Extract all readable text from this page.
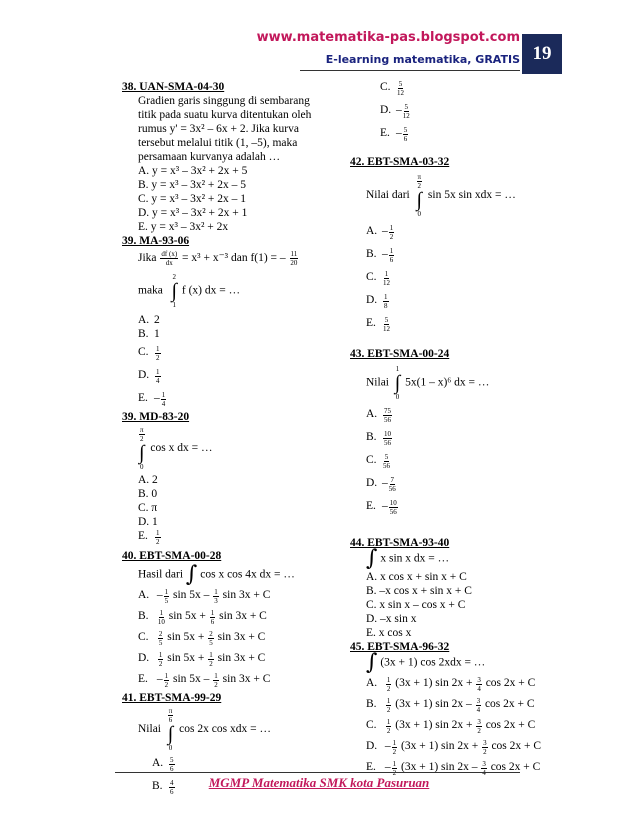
www.matematika-pas.blogspot.com
E-learning matematika, GRATIS 19
38. UAN-SMA-04-30
Gradien garis singgung di sembarang
titik pada suatu kurva ditentukan oleh
rumus y' = 3x² – 6x + 2. Jika kurva
tersebut melalui titik (1, –5), maka
persamaan kurvanya adalah …
A. y = x³ – 3x² + 2x + 5
B. y = x³ – 3x² + 2x – 5
C. y = x³ – 3x² + 2x – 1
D. y = x³ – 3x² + 2x + 1
E. y = x³ – 3x² + 2x
39. MA-93-06
Jika $\frac{df (x)}{dx} = x^3 + x^{-3}$ dan f(1) = – $\frac{11}{20}$
maka
2
∫
1
f (x) dx = …
A. 2
B. 1
C. $\frac{1}{2}$
D. $\frac{1}{4}$
E. – $\frac{1}{4}$
39. MD-83-20
$\frac{\pi}{2}$
∫
0
cos x dx = …
A. 2
B. 0
C. π
D. 1
E.	$\frac{1}{2}$
40. EBT-SMA-00-28
Hasil dari ∫ cos x cos 4x dx = …
A.
– $\frac{1}{5}$
sin 5x –
$\frac{1}{3}$
sin 3x + C
B.
	$\frac{1}{10}$
sin 5x +
$\frac{1}{6}$
sin 3x + C
C.
	$\frac{2}{5}$
sin 5x +
$\frac{2}{5}$
sin 3x + C
D.
	$\frac{1}{2}$
sin 5x +
$\frac{1}{2}$
sin 3x + C
E.
– $\frac{1}{2}$
sin 5x –
$\frac{1}{2}$
sin 3x + C
41. EBT-SMA-99-29
Nilai
$\frac{\pi}{6}$
∫
0
cos 2x cos xdx = …
A. $\frac{5}{6}$
B. $\frac{4}{6}$
C. $\frac{5}{12}$
D. – $\frac{5}{12}$
E. – $\frac{5}{6}$
42. EBT-SMA-03-32
Nilai dari
$\frac{\pi}{2}$
∫
0
sin 5x sin xdx = …
A. – $\frac{1}{2}$
B. – $\frac{1}{6}$
C. $\frac{1}{12}$
D. $\frac{1}{8}$
E.	$\frac{5}{12}$
43. EBT-SMA-00-24
Nilai
1
∫
0
5x(1 – x)⁶ dx = …
A. $\frac{75}{56}$
B. $\frac{10}{56}$
C. $\frac{5}{56}$
D. – $\frac{7}{56}$
E. – $\frac{10}{56}$
44. EBT-SMA-93-40
∫ x sin x dx = …
A. x cos x + sin x + C
B. –x cos x + sin x + C
C. x sin x – cos x + C
D. –x sin x
E. x cos x
45. EBT-SMA-96-32
∫ (3x + 1) cos 2xdx = …
A.
	$\frac{1}{2}$
(3x + 1) sin 2x +
$\frac{3}{4}$
cos 2x + C
B.
	$\frac{1}{2}$
(3x + 1) sin 2x –
$\frac{3}{4}$
cos 2x + C
C.
	$\frac{1}{2}$
(3x + 1) sin 2x +
$\frac{3}{2}$
cos 2x + C
D.
– $\frac{1}{2}$
(3x + 1) sin 2x +
$\frac{3}{2}$
cos 2x + C
E.
– $\frac{1}{2}$
(3x + 1) sin 2x –
$\frac{3}{4}$
cos 2x + C
MGMP Matematika SMK kota Pasuruan
